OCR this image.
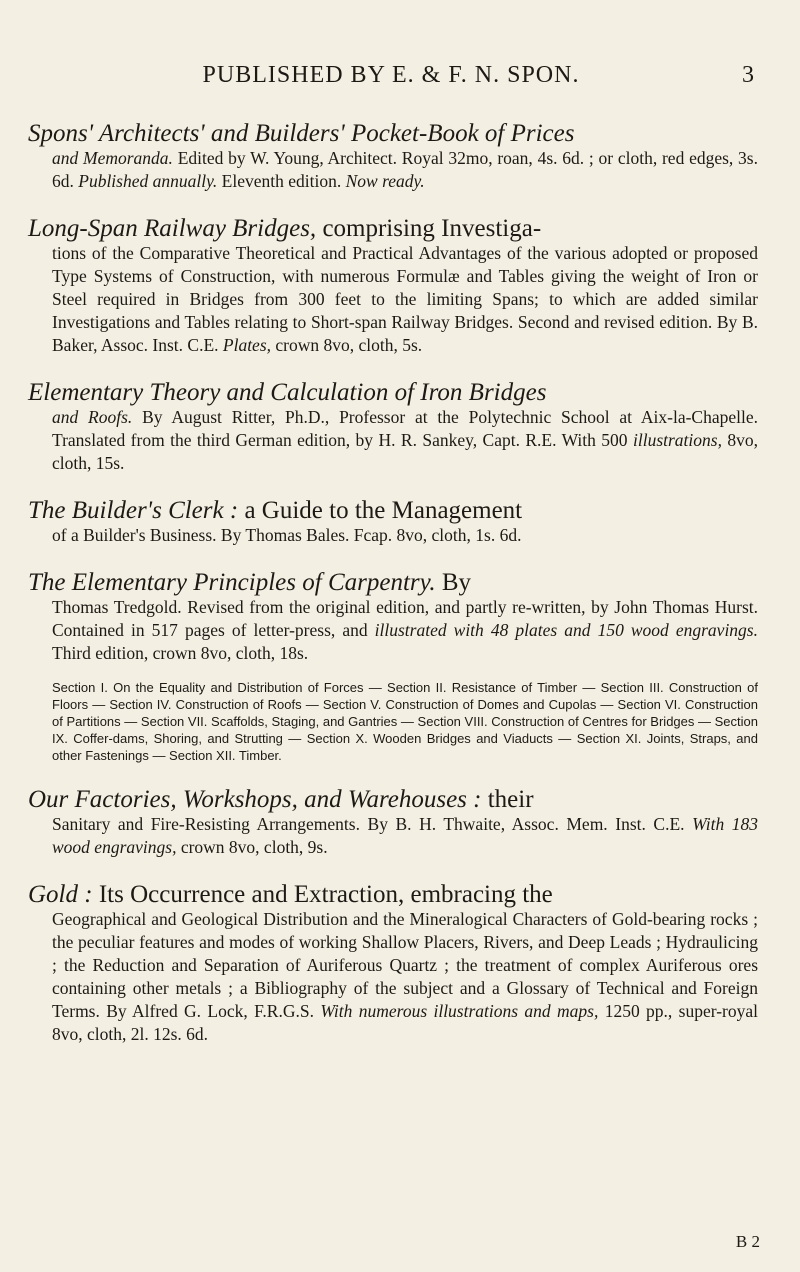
PUBLISHED BY E. & F. N. SPON.	3

Spons' Architects' and Builders' Pocket-Book of Prices

and Memoranda. Edited by W. Young, Architect. Royal 32mo, roan, 4s. 6d. ; or cloth, red edges, 3s. 6d. Published annually. Eleventh edition. Now ready.

Long-Span Railway Bridges, comprising Investiga-

tions of the Comparative Theoretical and Practical Advantages of the various adopted or proposed Type Systems of Construction, with numerous Formulæ and Tables giving the weight of Iron or Steel required in Bridges from 300 feet to the limiting Spans; to which are added similar Investigations and Tables relating to Short-span Railway Bridges. Second and revised edition. By B. Baker, Assoc. Inst. C.E. Plates, crown 8vo, cloth, 5s.

Elementary Theory and Calculation of Iron Bridges

and Roofs. By August Ritter, Ph.D., Professor at the Polytechnic School at Aix-la-Chapelle. Translated from the third German edition, by H. R. Sankey, Capt. R.E. With 500 illustrations, 8vo, cloth, 15s.

The Builder's Clerk : a Guide to the Management

of a Builder's Business. By Thomas Bales. Fcap. 8vo, cloth, 1s. 6d.

The Elementary Principles of Carpentry. By

Thomas Tredgold. Revised from the original edition, and partly re-written, by John Thomas Hurst. Contained in 517 pages of letter-press, and illustrated with 48 plates and 150 wood engravings. Third edition, crown 8vo, cloth, 18s.

Section I. On the Equality and Distribution of Forces — Section II. Resistance of Timber — Section III. Construction of Floors — Section IV. Construction of Roofs — Section V. Construction of Domes and Cupolas — Section VI. Construction of Partitions — Section VII. Scaffolds, Staging, and Gantries — Section VIII. Construction of Centres for Bridges — Section IX. Coffer-dams, Shoring, and Strutting — Section X. Wooden Bridges and Viaducts — Section XI. Joints, Straps, and other Fastenings — Section XII. Timber.

Our Factories, Workshops, and Warehouses : their

Sanitary and Fire-Resisting Arrangements. By B. H. Thwaite, Assoc. Mem. Inst. C.E. With 183 wood engravings, crown 8vo, cloth, 9s.

Gold : Its Occurrence and Extraction, embracing the

Geographical and Geological Distribution and the Mineralogical Characters of Gold-bearing rocks ; the peculiar features and modes of working Shallow Placers, Rivers, and Deep Leads ; Hydraulicing ; the Reduction and Separation of Auriferous Quartz ; the treatment of complex Auriferous ores containing other metals ; a Bibliography of the subject and a Glossary of Technical and Foreign Terms. By Alfred G. Lock, F.R.G.S. With numerous illustrations and maps, 1250 pp., super-royal 8vo, cloth, 2l. 12s. 6d.

B 2
